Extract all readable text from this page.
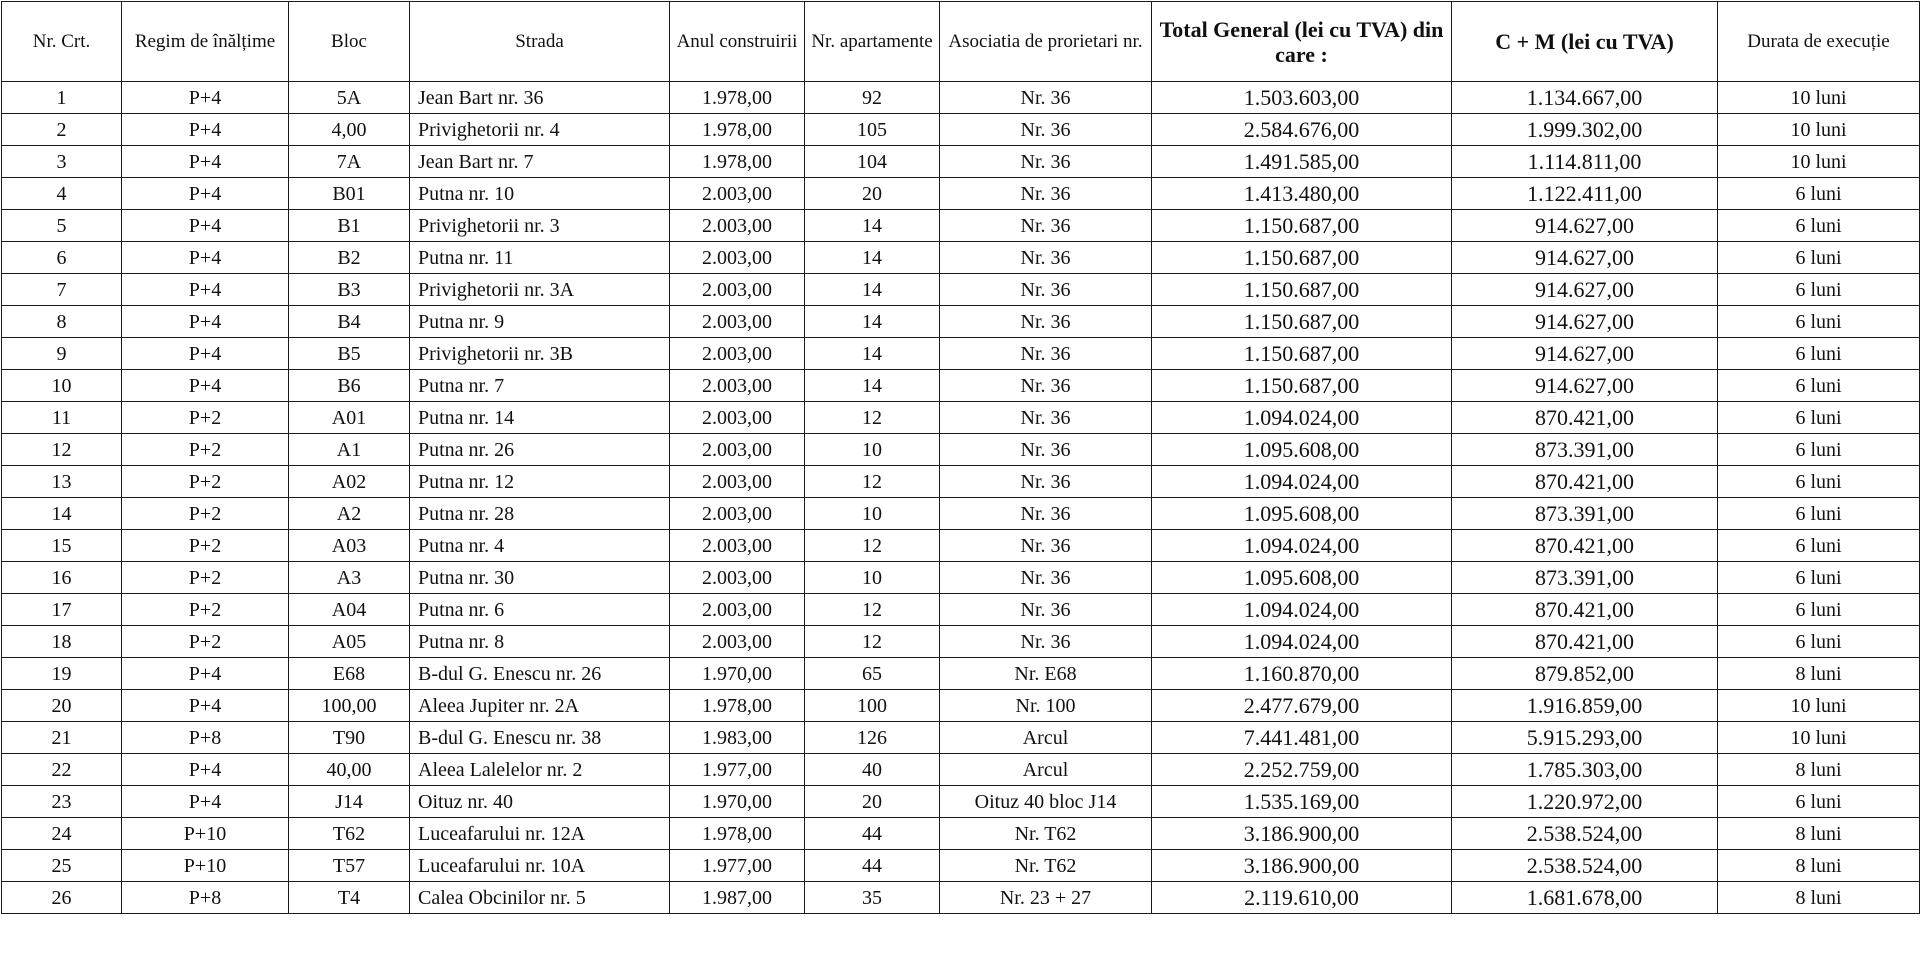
Nr. Crt.	Regim de înălțime	Bloc	Strada	Anul construirii	Nr. apartamente	Asociatia de prorietari nr.	Total General (lei cu TVA) din care :	C + M (lei cu TVA)	Durata de execuție
1	P+4	5A	Jean Bart nr. 36	1.978,00	92	Nr. 36	1.503.603,00	1.134.667,00	10 luni
2	P+4	4,00	Privighetorii nr. 4	1.978,00	105	Nr. 36	2.584.676,00	1.999.302,00	10 luni
3	P+4	7A	Jean Bart nr. 7	1.978,00	104	Nr. 36	1.491.585,00	1.114.811,00	10 luni
4	P+4	B01	Putna nr. 10	2.003,00	20	Nr. 36	1.413.480,00	1.122.411,00	6 luni
5	P+4	B1	Privighetorii nr. 3	2.003,00	14	Nr. 36	1.150.687,00	914.627,00	6 luni
6	P+4	B2	Putna nr. 11	2.003,00	14	Nr. 36	1.150.687,00	914.627,00	6 luni
7	P+4	B3	Privighetorii nr. 3A	2.003,00	14	Nr. 36	1.150.687,00	914.627,00	6 luni
8	P+4	B4	Putna nr. 9	2.003,00	14	Nr. 36	1.150.687,00	914.627,00	6 luni
9	P+4	B5	Privighetorii nr. 3B	2.003,00	14	Nr. 36	1.150.687,00	914.627,00	6 luni
10	P+4	B6	Putna nr. 7	2.003,00	14	Nr. 36	1.150.687,00	914.627,00	6 luni
11	P+2	A01	Putna nr. 14	2.003,00	12	Nr. 36	1.094.024,00	870.421,00	6 luni
12	P+2	A1	Putna nr. 26	2.003,00	10	Nr. 36	1.095.608,00	873.391,00	6 luni
13	P+2	A02	Putna nr. 12	2.003,00	12	Nr. 36	1.094.024,00	870.421,00	6 luni
14	P+2	A2	Putna nr. 28	2.003,00	10	Nr. 36	1.095.608,00	873.391,00	6 luni
15	P+2	A03	Putna nr. 4	2.003,00	12	Nr. 36	1.094.024,00	870.421,00	6 luni
16	P+2	A3	Putna nr. 30	2.003,00	10	Nr. 36	1.095.608,00	873.391,00	6 luni
17	P+2	A04	Putna nr. 6	2.003,00	12	Nr. 36	1.094.024,00	870.421,00	6 luni
18	P+2	A05	Putna nr. 8	2.003,00	12	Nr. 36	1.094.024,00	870.421,00	6 luni
19	P+4	E68	B-dul G. Enescu nr. 26	1.970,00	65	Nr. E68	1.160.870,00	879.852,00	8 luni
20	P+4	100,00	Aleea Jupiter nr. 2A	1.978,00	100	Nr. 100	2.477.679,00	1.916.859,00	10 luni
21	P+8	T90	B-dul G. Enescu nr. 38	1.983,00	126	Arcul	7.441.481,00	5.915.293,00	10 luni
22	P+4	40,00	Aleea Lalelelor nr. 2	1.977,00	40	Arcul	2.252.759,00	1.785.303,00	8 luni
23	P+4	J14	Oituz nr. 40	1.970,00	20	Oituz 40 bloc J14	1.535.169,00	1.220.972,00	6 luni
24	P+10	T62	Luceafarului nr. 12A	1.978,00	44	Nr. T62	3.186.900,00	2.538.524,00	8 luni
25	P+10	T57	Luceafarului nr. 10A	1.977,00	44	Nr. T62	3.186.900,00	2.538.524,00	8 luni
26	P+8	T4	Calea Obcinilor nr. 5	1.987,00	35	Nr. 23 + 27	2.119.610,00	1.681.678,00	8 luni
